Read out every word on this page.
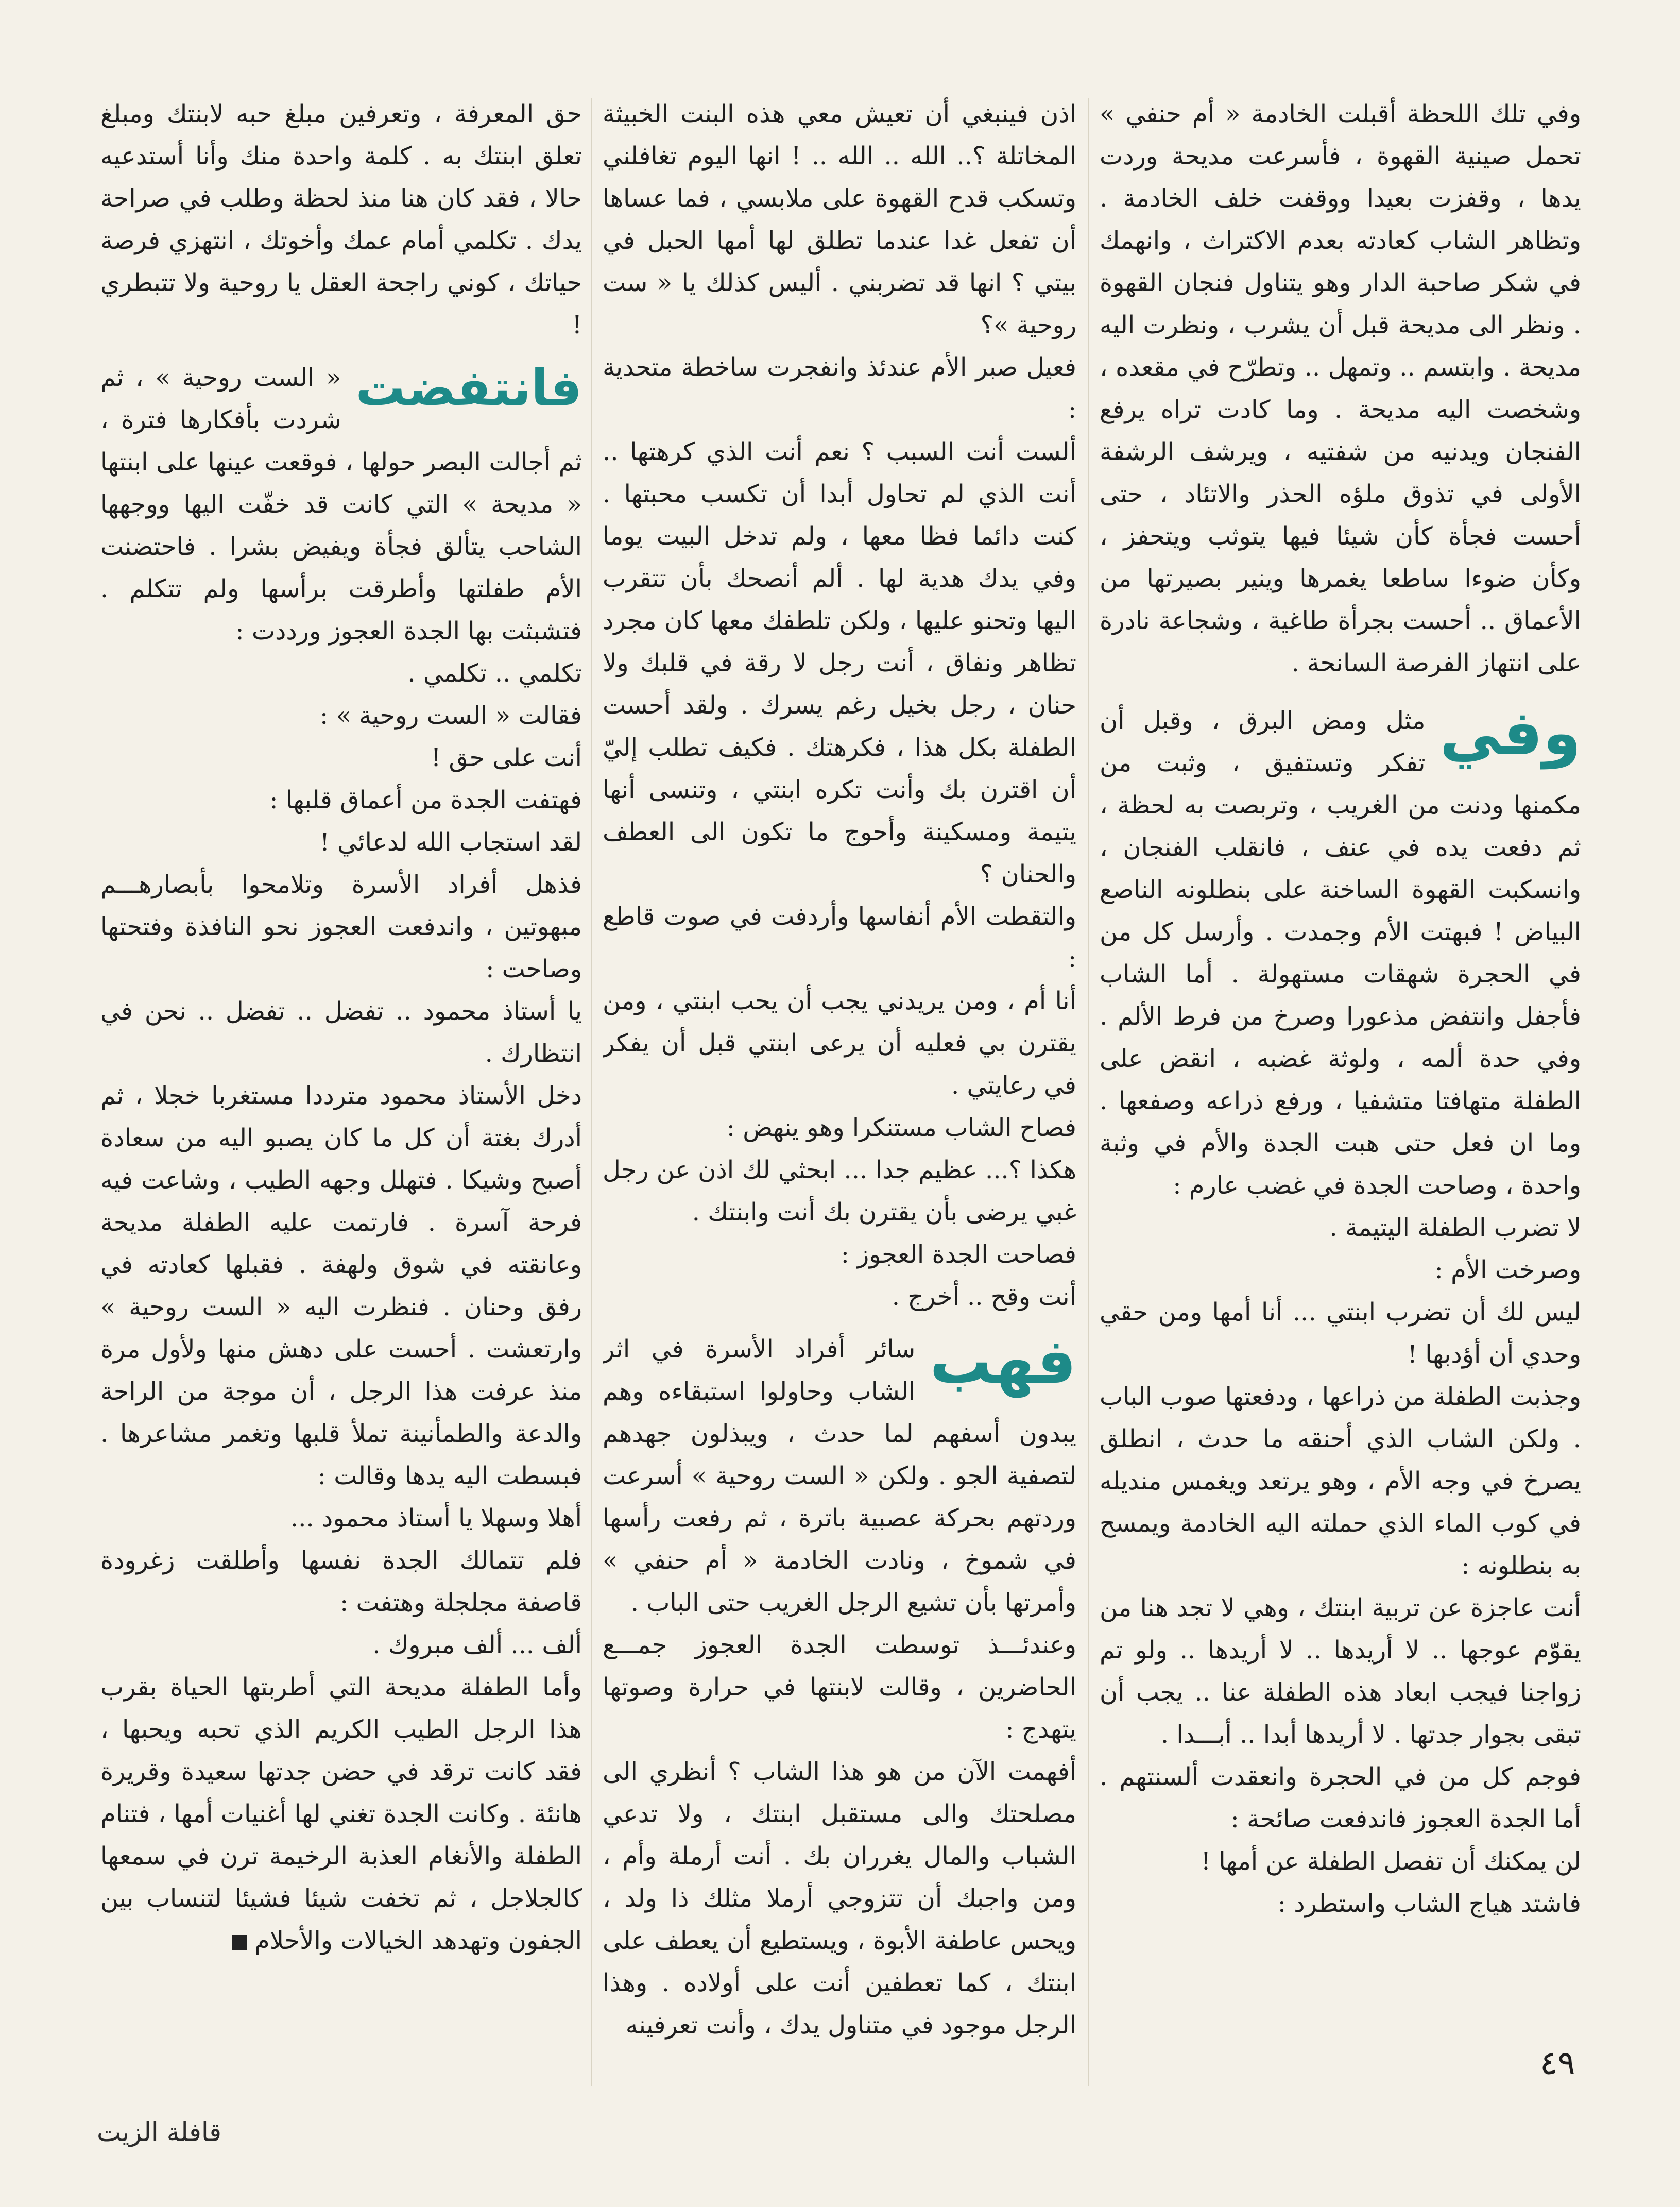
وفي تلك اللحظة أقبلت الخادمة « أم حنفي » تحمل صينية القهوة ، فأسرعت مديحة وردت يدها ، وقفزت بعيدا ووقفت خلف الخادمة . وتظاهر الشاب كعادته بعدم الاكتراث ، وانهمك في شكر صاحبة الدار وهو يتناول فنجان القهوة . ونظر الى مديحة قبل أن يشرب ، ونظرت اليه مديحة . وابتسم .. وتمهل .. وتطرّح في مقعده ، وشخصت اليه مديحة . وما كادت تراه يرفع الفنجان ويدنيه من شفتيه ، ويرشف الرشفة الأولى في تذوق ملؤه الحذر والاتئاد ، حتى أحست فجأة كأن شيئا فيها يتوثب ويتحفز ، وكأن ضوءا ساطعا يغمرها وينير بصيرتها من الأعماق .. أحست بجرأة طاغية ، وشجاعة نادرة على انتهاز الفرصة السانحة .

وفي
مثل ومض البرق ، وقبل أن تفكر وتستفيق ، وثبت من مكمنها ودنت من الغريب ، وتربصت به لحظة ، ثم دفعت يده في عنف ، فانقلب الفنجان ، وانسكبت القهوة الساخنة على بنطلونه الناصع البياض ! فبهتت الأم وجمدت . وأرسل كل من في الحجرة شهقات مستهولة . أما الشاب فأجفل وانتفض مذعورا وصرخ من فرط الألم . وفي حدة ألمه ، ولوثة غضبه ، انقض على الطفلة متهافتا متشفيا ، ورفع ذراعه وصفعها . وما ان فعل حتى هبت الجدة والأم في وثبة واحدة ، وصاحت الجدة في غضب عارم :

لا تضرب الطفلة اليتيمة .

وصرخت الأم :

ليس لك أن تضرب ابنتي ... أنا أمها ومن حقي وحدي أن أؤدبها !

وجذبت الطفلة من ذراعها ، ودفعتها صوب الباب . ولكن الشاب الذي أحنقه ما حدث ، انطلق يصرخ في وجه الأم ، وهو يرتعد ويغمس منديله في كوب الماء الذي حملته اليه الخادمة ويمسح به بنطلونه :

أنت عاجزة عن تربية ابنتك ، وهي لا تجد هنا من يقوّم عوجها .. لا أريدها .. لا أريدها .. ولو تم زواجنا فيجب ابعاد هذه الطفلة عنا .. يجب أن تبقى بجوار جدتها . لا أريدها أبدا .. أبـــدا .

فوجم كل من في الحجرة وانعقدت ألسنتهم . أما الجدة العجوز فاندفعت صائحة :

لن يمكنك أن تفصل الطفلة عن أمها !

فاشتد هياج الشاب واستطرد :

اذن فينبغي أن تعيش معي هذه البنت الخبيثة المخاتلة ؟.. الله .. الله .. ! انها اليوم تغافلني وتسكب قدح القهوة على ملابسي ، فما عساها أن تفعل غدا عندما تطلق لها أمها الحبل في بيتي ؟ انها قد تضربني . أليس كذلك يا « ست روحية »؟

فعيل صبر الأم عندئذ وانفجرت ساخطة متحدية :

ألست أنت السبب ؟ نعم أنت الذي كرهتها .. أنت الذي لم تحاول أبدا أن تكسب محبتها . كنت دائما فظا معها ، ولم تدخل البيت يوما وفي يدك هدية لها . ألم أنصحك بأن تتقرب اليها وتحنو عليها ، ولكن تلطفك معها كان مجرد تظاهر ونفاق ، أنت رجل لا رقة في قلبك ولا حنان ، رجل بخيل رغم يسرك . ولقد أحست الطفلة بكل هذا ، فكرهتك . فكيف تطلب إليّ أن اقترن بك وأنت تكره ابنتي ، وتنسى أنها يتيمة ومسكينة وأحوج ما تكون الى العطف والحنان ؟

والتقطت الأم أنفاسها وأردفت في صوت قاطع :

أنا أم ، ومن يريدني يجب أن يحب ابنتي ، ومن يقترن بي فعليه أن يرعى ابنتي قبل أن يفكر في رعايتي .

فصاح الشاب مستنكرا وهو ينهض :

هكذا ؟... عظيم جدا ... ابحثي لك اذن عن رجل غبي يرضى بأن يقترن بك أنت وابنتك .

فصاحت الجدة العجوز :

أنت وقح .. أخرج .

فهب
سائر أفراد الأسرة في اثر الشاب وحاولوا استبقاءه وهم يبدون أسفهم لما حدث ، ويبذلون جهدهم لتصفية الجو . ولكن « الست روحية » أسرعت وردتهم بحركة عصبية باترة ، ثم رفعت رأسها في شموخ ، ونادت الخادمة « أم حنفي » وأمرتها بأن تشيع الرجل الغريب حتى الباب .

وعندئـــذ توسطت الجدة العجوز جمـــع الحاضرين ، وقالت لابنتها في حرارة وصوتها يتهدج :

أفهمت الآن من هو هذا الشاب ؟ أنظري الى مصلحتك والى مستقبل ابنتك ، ولا تدعي الشباب والمال يغرران بك . أنت أرملة وأم ، ومن واجبك أن تتزوجي أرملا مثلك ذا ولد ، ويحس عاطفة الأبوة ، ويستطيع أن يعطف على ابنتك ، كما تعطفين أنت على أولاده . وهذا الرجل موجود في متناول يدك ، وأنت تعرفينه

حق المعرفة ، وتعرفين مبلغ حبه لابنتك ومبلغ تعلق ابنتك به . كلمة واحدة منك وأنا أستدعيه حالا ، فقد كان هنا منذ لحظة وطلب في صراحة يدك . تكلمي أمام عمك وأخوتك ، انتهزي فرصة حياتك ، كوني راجحة العقل يا روحية ولا تتبطري !

فانتفضت
« الست روحية » ، ثم شردت بأفكارها فترة ، ثم أجالت البصر حولها ، فوقعت عينها على ابنتها « مديحة » التي كانت قد خفّت اليها ووجهها الشاحب يتألق فجأة ويفيض بشرا . فاحتضنت الأم طفلتها وأطرقت برأسها ولم تتكلم . فتشبثت بها الجدة العجوز ورددت :

تكلمي .. تكلمي .

فقالت « الست روحية » :

أنت على حق !

فهتفت الجدة من أعماق قلبها :

لقد استجاب الله لدعائي !

فذهل أفراد الأسرة وتلامحوا بأبصارهـــم مبهوتين ، واندفعت العجوز نحو النافذة وفتحتها وصاحت :

يا أستاذ محمود .. تفضل .. تفضل .. نحن في انتظارك .

دخل الأستاذ محمود مترددا مستغربا خجلا ، ثم أدرك بغتة أن كل ما كان يصبو اليه من سعادة أصبح وشيكا . فتهلل وجهه الطيب ، وشاعت فيه فرحة آسرة . فارتمت عليه الطفلة مديحة وعانقته في شوق ولهفة . فقبلها كعادته في رفق وحنان . فنظرت اليه « الست روحية » وارتعشت . أحست على دهش منها ولأول مرة منذ عرفت هذا الرجل ، أن موجة من الراحة والدعة والطمأنينة تملأ قلبها وتغمر مشاعرها . فبسطت اليه يدها وقالت :

أهلا وسهلا يا أستاذ محمود ...

فلم تتمالك الجدة نفسها وأطلقت زغرودة قاصفة مجلجلة وهتفت :

ألف ... ألف مبروك .

وأما الطفلة مديحة التي أطربتها الحياة بقرب هذا الرجل الطيب الكريم الذي تحبه ويحبها ، فقد كانت ترقد في حضن جدتها سعيدة وقريرة هانئة . وكانت الجدة تغني لها أغنيات أمها ، فتنام الطفلة والأنغام العذبة الرخيمة ترن في سمعها كالجلاجل ، ثم تخفت شيئا فشيئا لتنساب بين الجفون وتهدهد الخيالات والأحلام

٤٩
قافلة الزيت
